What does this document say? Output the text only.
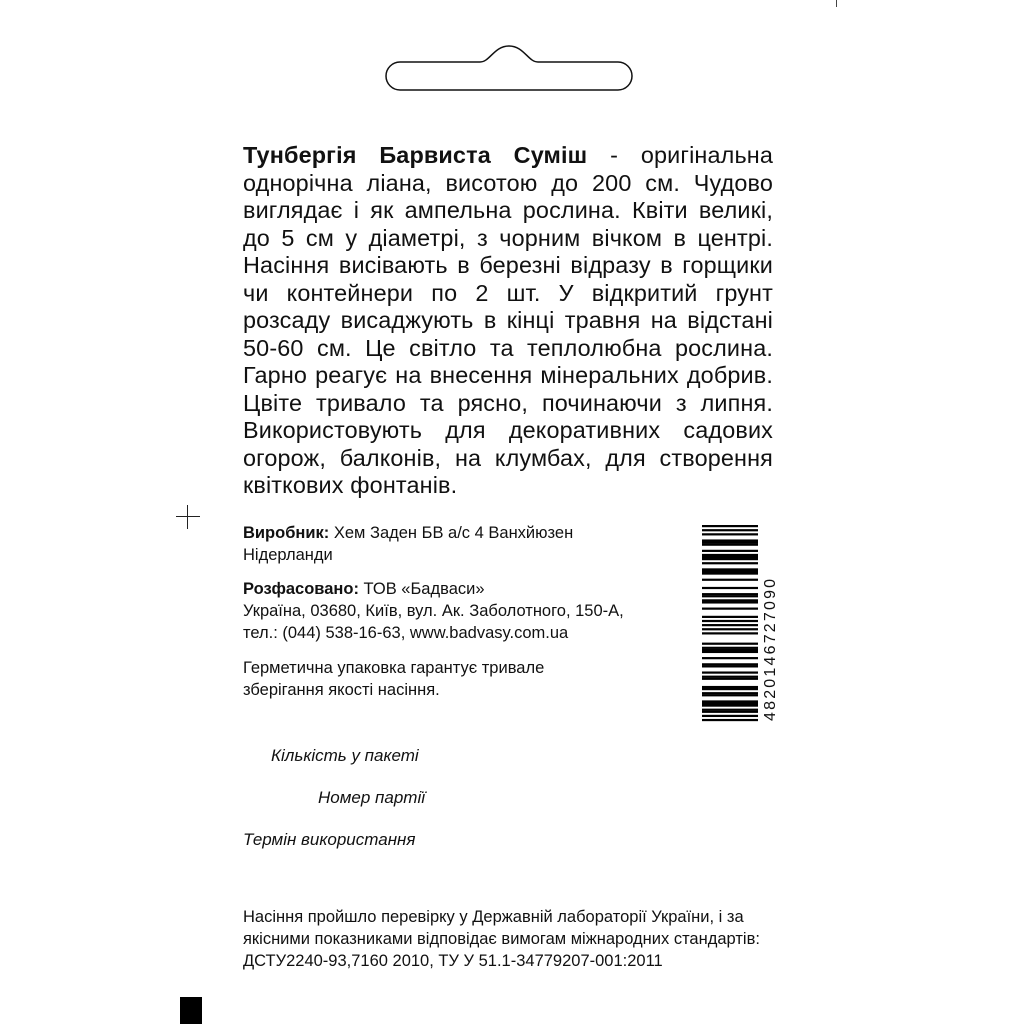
Тунбергія Барвиста Суміш - оригінальна однорічна ліана, висотою до 200 см. Чудово виглядає і як ампельна рослина. Квіти великі, до 5 см у діаметрі, з чорним вічком в центрі. Насіння висівають в березні відразу в горщики чи контейнери по 2 шт. У відкритий грунт розсаду висаджують в кінці травня на відстані 50-60 см. Це світло та теплолюбна рослина. Гарно реагує на внесення мінеральних добрив. Цвіте тривало та рясно, починаючи з липня. Використовують для декоративних садових огорож, балконів, на клумбах, для створення квіткових фонтанів.
Виробник: Хем Заден БВ а/с 4 Ванхйюзен
Нідерланди
Розфасовано: ТОВ «Бадваси»
Україна, 03680, Київ, вул. Ак. Заболотного, 150-А,
тел.: (044) 538-16-63, www.badvasy.com.ua
Герметична упаковка гарантує тривале
зберігання якості насіння.
Кількість у пакеті
Номер партії
Термін використання
Насіння пройшло перевірку у Державній лабораторії України, і за
якісними показниками відповідає вимогам міжнародних стандартів:
ДСТУ2240-93,7160 2010, ТУ У 51.1-34779207-001:2011
4820146727090
